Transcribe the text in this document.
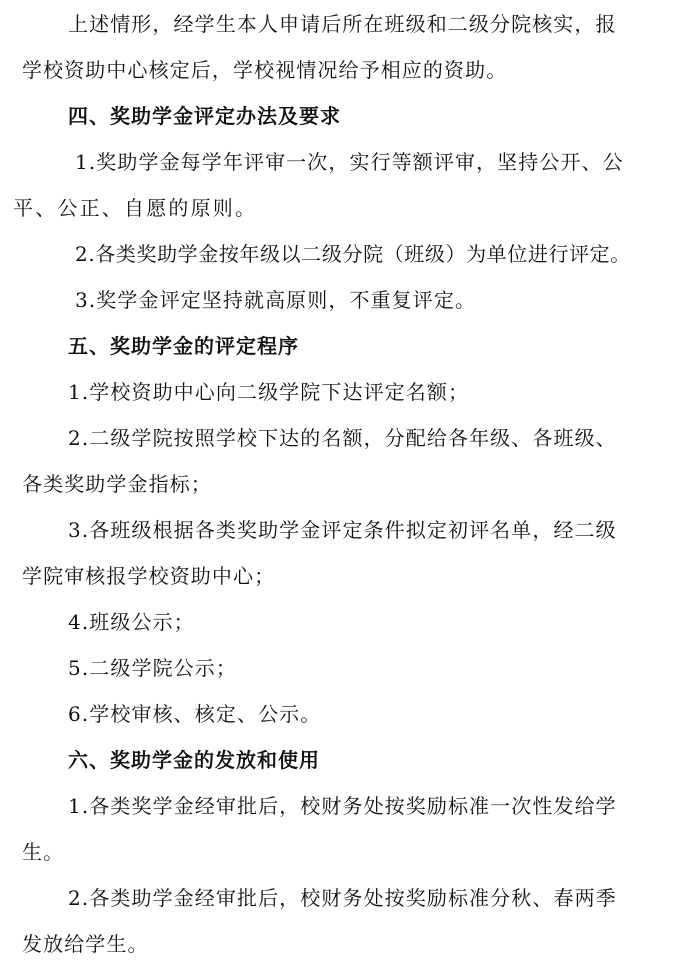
上述情形，经学生本人申请后所在班级和二级分院核实，报
学校资助中心核定后，学校视情况给予相应的资助。
四、奖助学金评定办法及要求
1.奖助学金每学年评审一次，实行等额评审，坚持公开、公
平、公正、自愿的原则。
2.各类奖助学金按年级以二级分院（班级）为单位进行评定。
3.奖学金评定坚持就高原则，不重复评定。
五、奖助学金的评定程序
1.学校资助中心向二级学院下达评定名额；
2.二级学院按照学校下达的名额，分配给各年级、各班级、
各类奖助学金指标；
3.各班级根据各类奖助学金评定条件拟定初评名单，经二级
学院审核报学校资助中心；
4.班级公示；
5.二级学院公示；
6.学校审核、核定、公示。
六、奖助学金的发放和使用
1.各类奖学金经审批后，校财务处按奖励标准一次性发给学
生。
2.各类助学金经审批后，校财务处按奖励标准分秋、春两季
发放给学生。
